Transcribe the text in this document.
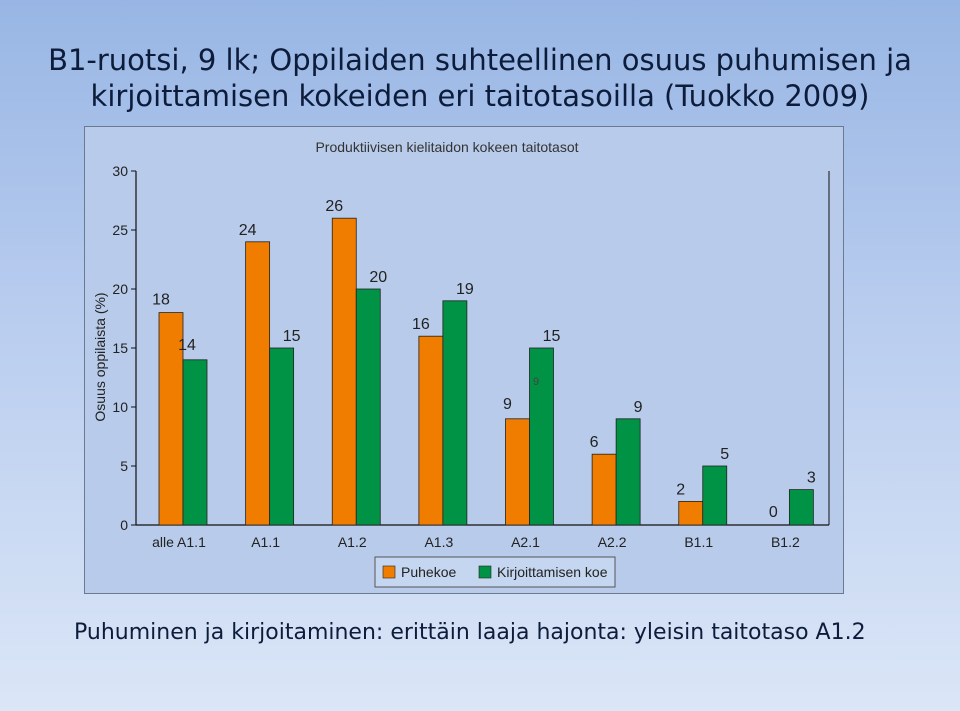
B1-ruotsi, 9 lk; Oppilaiden suhteellinen osuus puhumisen ja
kirjoittamisen kokeiden eri taitotasoilla (Tuokko 2009)
0
5
10
15
20
25
30
Osuus oppilaista (%)
Produktiivisen kielitaidon kokeen taitotasot
18
14
alle A1.1
24
15
A1.1
26
20
A1.2
16
19
A1.3
9
15
A2.1
6
9
A2.2
2
5
B1.1
0
3
B1.2
9
Puhekoe	Kirjoittamisen koe

Puhuminen ja kirjoitaminen: erittäin laaja hajonta: yleisin taitotaso A1.2
